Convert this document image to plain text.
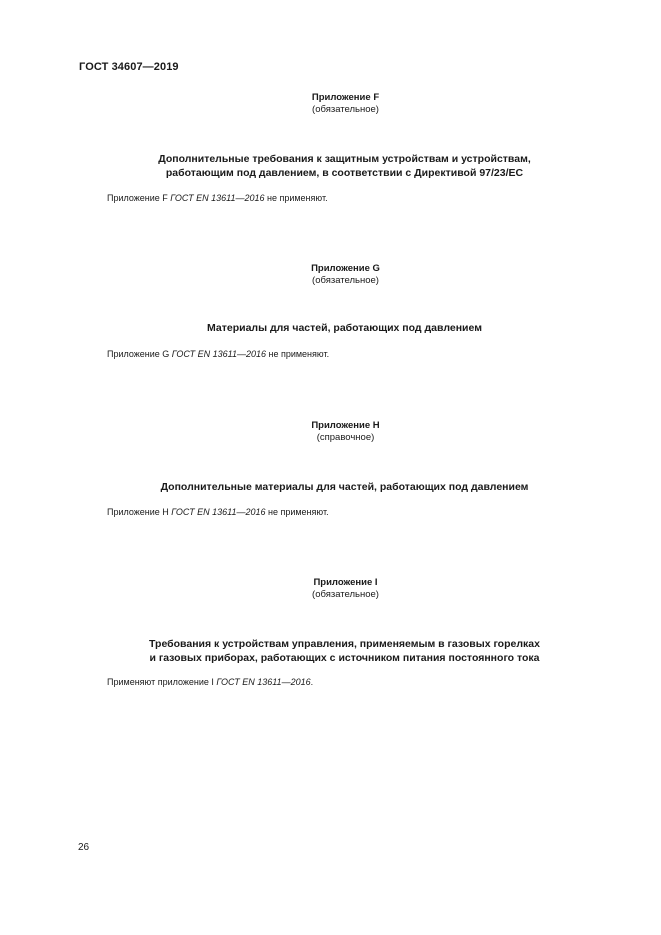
ГОСТ 34607—2019
Приложение F
(обязательное)
Дополнительные требования к защитным устройствам и устройствам,
работающим под давлением, в соответствии с Директивой 97/23/EC
Приложение F ГОСТ EN 13611—2016 не применяют.
Приложение G
(обязательное)
Материалы для частей, работающих под давлением
Приложение G ГОСТ EN 13611—2016 не применяют.
Приложение H
(справочное)
Дополнительные материалы для частей, работающих под давлением
Приложение H ГОСТ EN 13611—2016 не применяют.
Приложение I
(обязательное)
Требования к устройствам управления, применяемым в газовых горелках
и газовых приборах, работающих с источником питания постоянного тока
Применяют приложение I ГОСТ EN 13611—2016.
26
